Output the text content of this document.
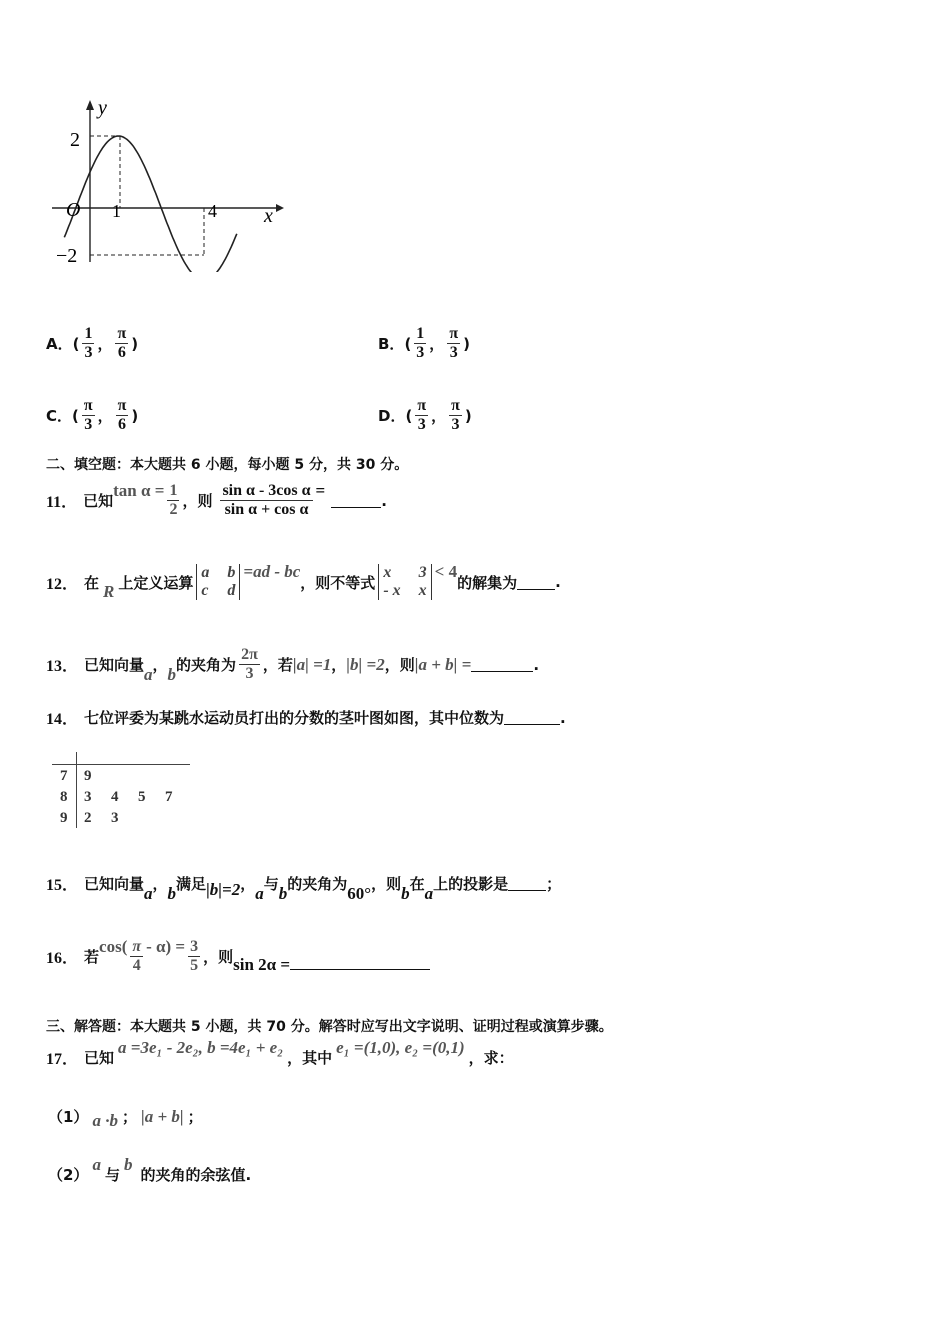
y
x
O 1	4
2
−2
A． (
1
3 ，
π
6 )	B． (
1
3 ，
π
3 )
C． (
π
3 ，
π
6 )	D． (
π
3 ，
π
3 )
二、填空题：本大题共 6 小题，每小题 5 分，共 30 分。
11． 已知
$\tan \alpha = \frac{1}{2}$ ，则 $\frac{\text{sin α - 3cos α}}{\text{sin α + cos α}}$ =
.
12． 在 R 上定义运算
a b
c d
=ad - bc
，则不等式
x	3
- x x
< 4
的解集为	.
13． 已知向量 a ， b 的夹角为
2π
3 ，若 |a| =1 ， |b| =2 ，则 |a + b| =	.
14． 七位评委为某跳水运动员打出的分数的茎叶图如图，其中位数为	.
7	9
8	3	4	5	7
9	2	3
15． 已知向量 a ， b 满足 |b|=2 ， a 与 b 的夹角为 60° ，则 b 在 a 上的投影是	；
16． 若
cos( π
4
- $\alpha) = \frac{3}{5}$ ，则 sin 2α =
三、解答题：本大题共 5 小题，共 70 分。解答时应写出文字说明、证明过程或演算步骤。
17． 已知
a =3e₁ - 2e₂, b =4e₁ + e₂
，其中
e₁ =(1,0), e₂ =(0,1)
，求：
（1） a ·b ； |a + b| ；
（2）
a
与
b
的夹角的余弦值.
